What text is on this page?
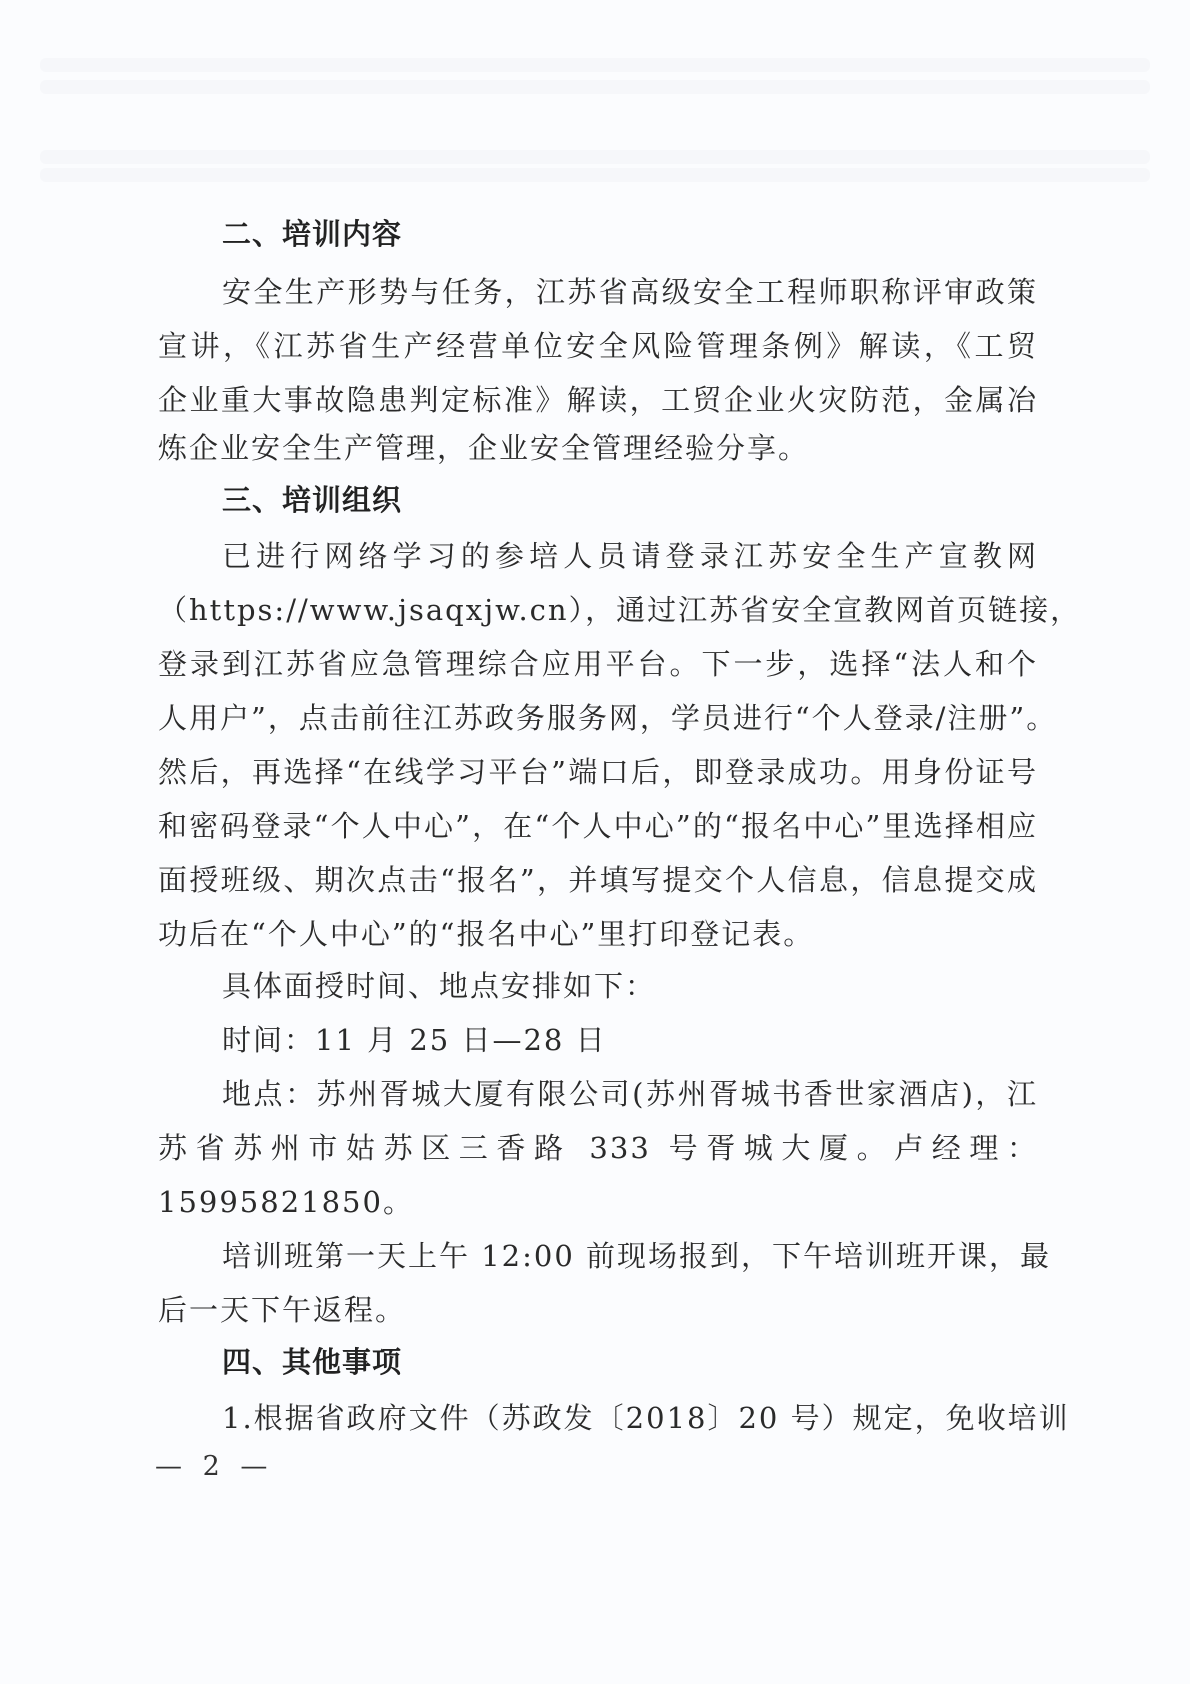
二、培训内容
安全生产形势与任务，江苏省高级安全工程师职称评审政策
宣讲，《江苏省生产经营单位安全风险管理条例》解读，《工贸
企业重大事故隐患判定标准》解读，工贸企业火灾防范，金属冶
炼企业安全生产管理，企业安全管理经验分享。
三、培训组织
已进行网络学习的参培人员请登录江苏安全生产宣教网
（https://www.jsaqxjw.cn），通过江苏省安全宣教网首页链接，
登录到江苏省应急管理综合应用平台。下一步，选择“法人和个
人用户”，点击前往江苏政务服务网，学员进行“个人登录/注册”。
然后，再选择“在线学习平台”端口后，即登录成功。用身份证号
和密码登录“个人中心”，在“个人中心”的“报名中心”里选择相应
面授班级、期次点击“报名”，并填写提交个人信息，信息提交成
功后在“个人中心”的“报名中心”里打印登记表。
具体面授时间、地点安排如下：
时间：11 月 25 日—28 日
地点：苏州胥城大厦有限公司(苏州胥城书香世家酒店)，江
苏省苏州市姑苏区三香路 333 号胥城大厦。卢经理：
15995821850。
培训班第一天上午 12:00 前现场报到，下午培训班开课，最
后一天下午返程。
四、其他事项
1.根据省政府文件（苏政发〔2018〕20 号）规定，免收培训
— 2 —
